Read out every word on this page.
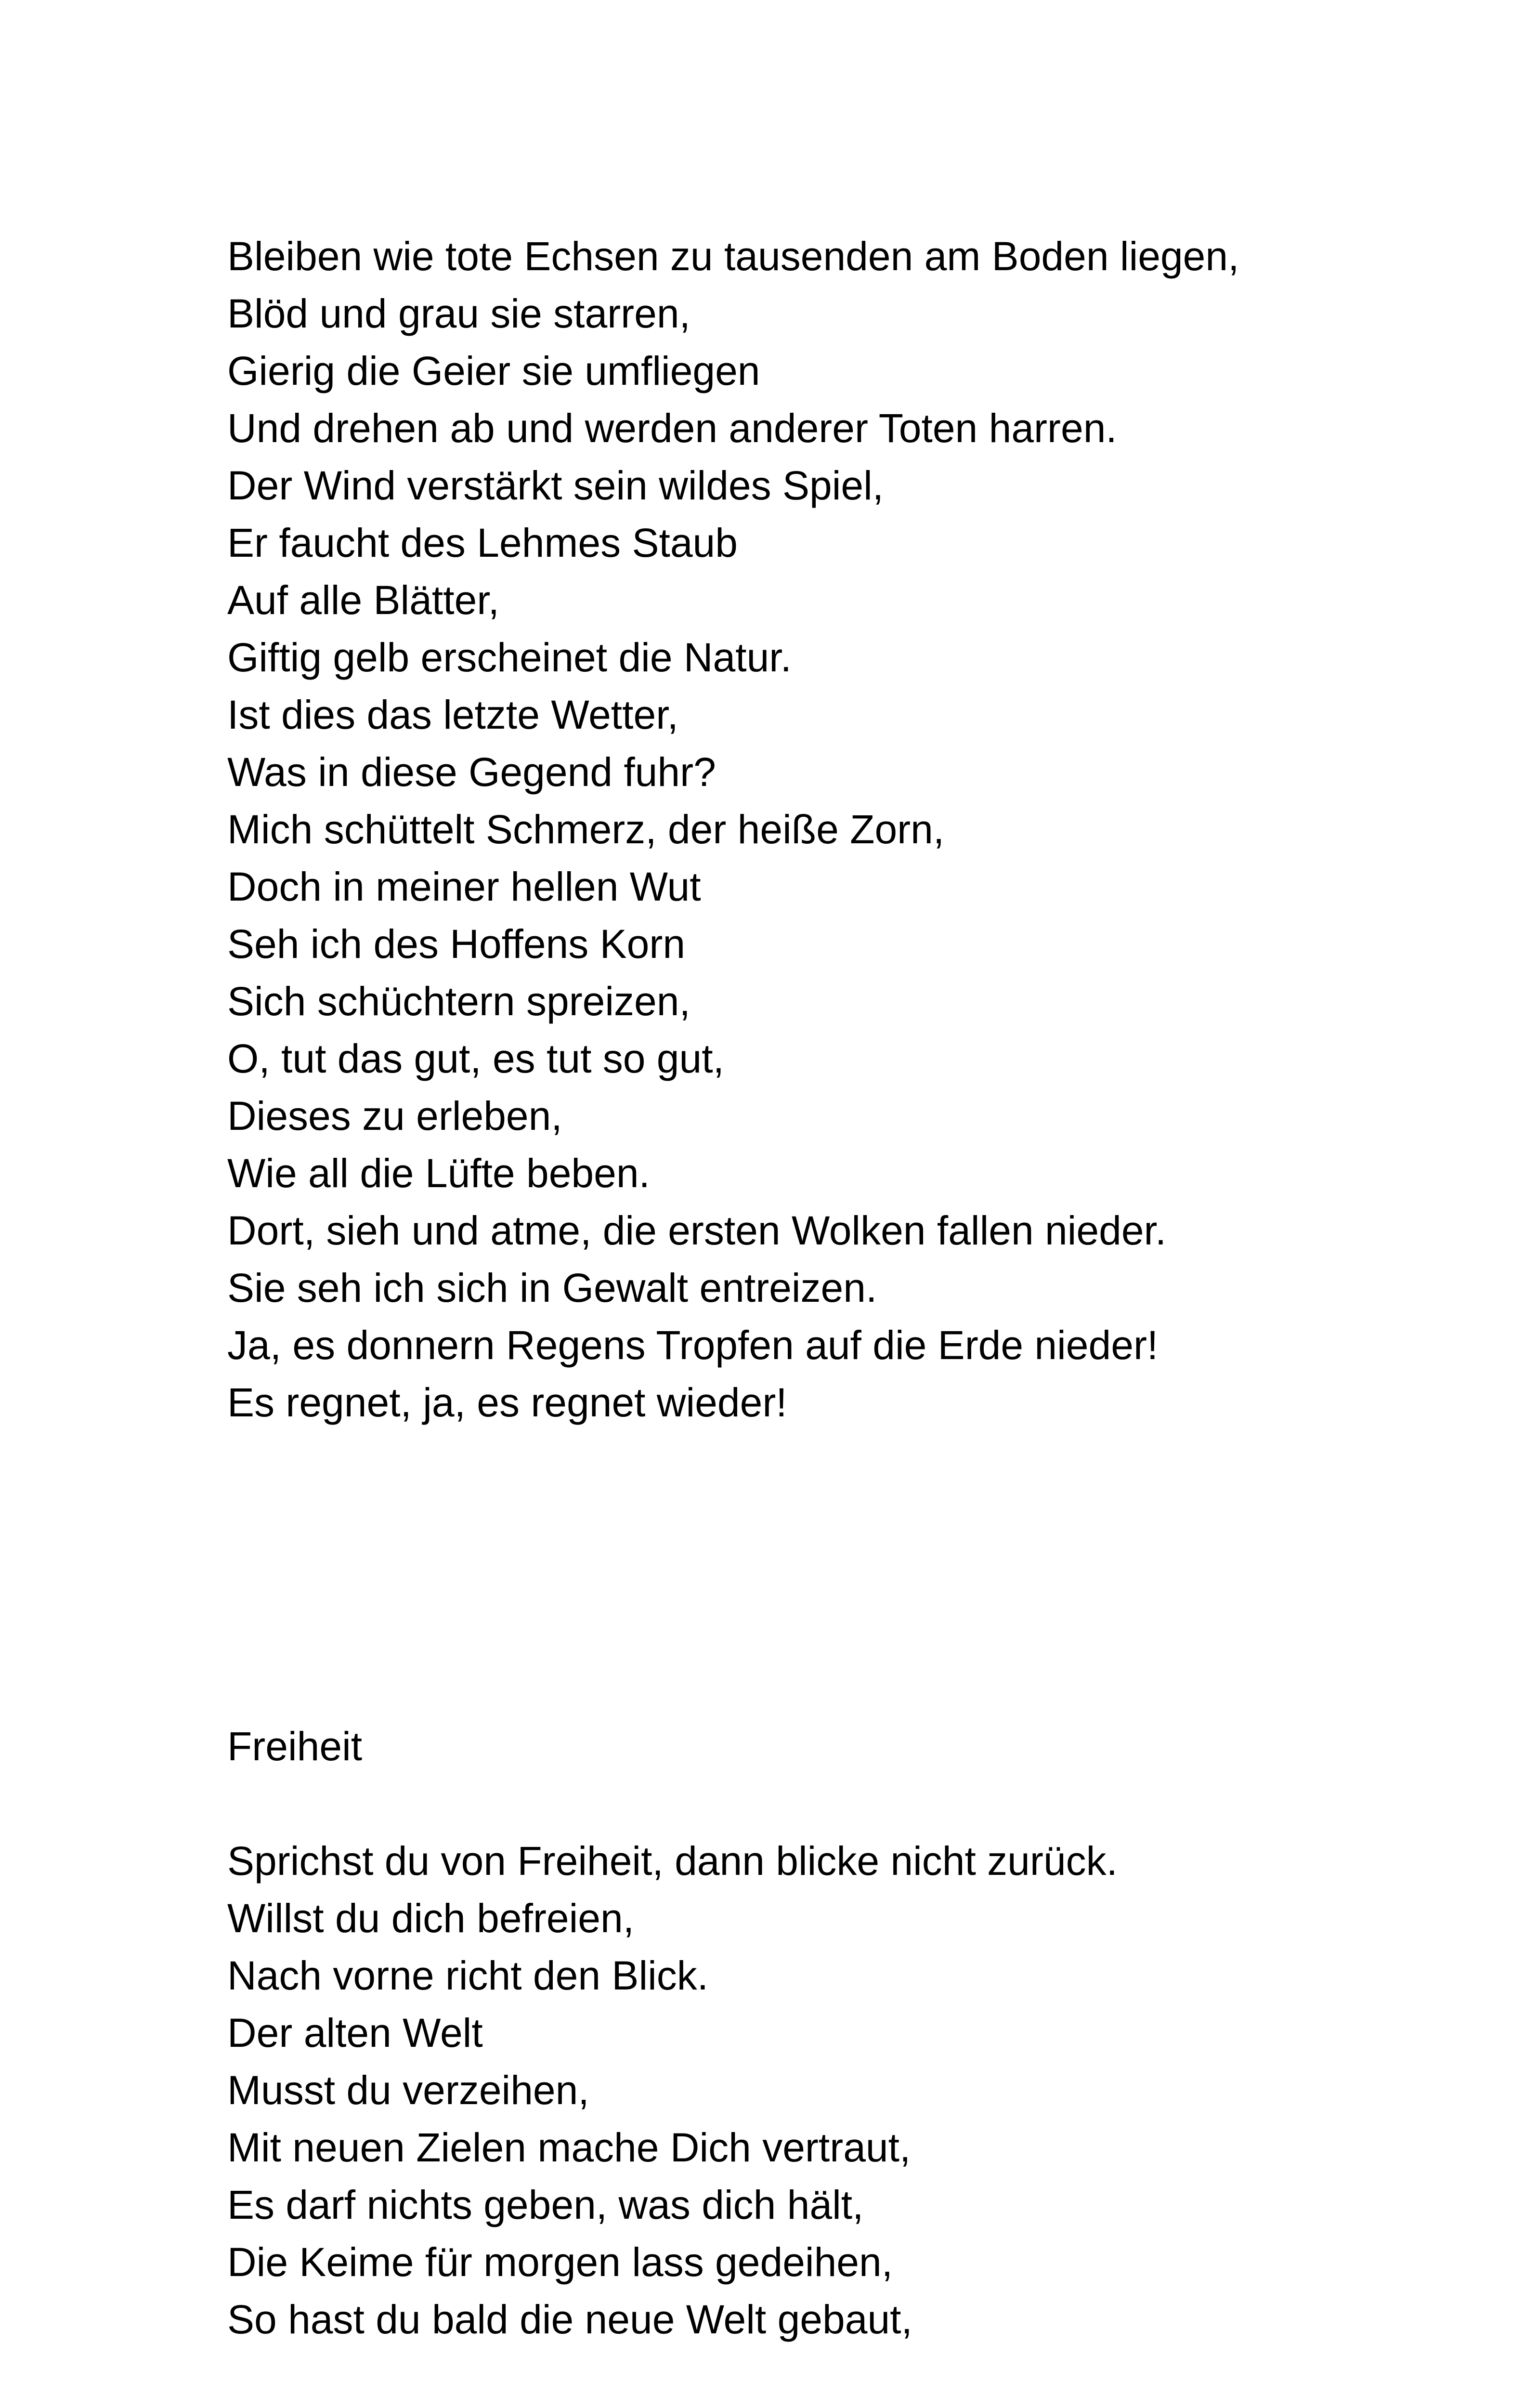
Bleiben wie tote Echsen zu tausenden am Boden liegen,
Blöd und grau sie starren,
Gierig die Geier sie umfliegen
Und drehen ab und werden anderer Toten harren.
Der Wind verstärkt sein wildes Spiel,
Er faucht des Lehmes Staub
Auf alle Blätter,
Giftig gelb erscheinet die Natur.
Ist dies das letzte Wetter,
Was in diese Gegend fuhr?
Mich schüttelt Schmerz, der heiße Zorn,
Doch in meiner hellen Wut
Seh ich des Hoffens Korn
Sich schüchtern spreizen,
O, tut das gut, es tut so gut,
Dieses zu erleben,
Wie all die Lüfte beben.
Dort, sieh und atme, die ersten Wolken fallen nieder.
Sie seh ich sich in Gewalt entreizen.
Ja, es donnern Regens Tropfen auf die Erde nieder!
Es regnet, ja, es regnet wieder!
Freiheit
Sprichst du von Freiheit, dann blicke nicht zurück.
Willst du dich befreien,
Nach vorne richt den Blick.
Der alten Welt
Musst du verzeihen,
Mit neuen Zielen mache Dich vertraut,
Es darf nichts geben, was dich hält,
Die Keime für morgen lass gedeihen,
So hast du bald die neue Welt gebaut,
